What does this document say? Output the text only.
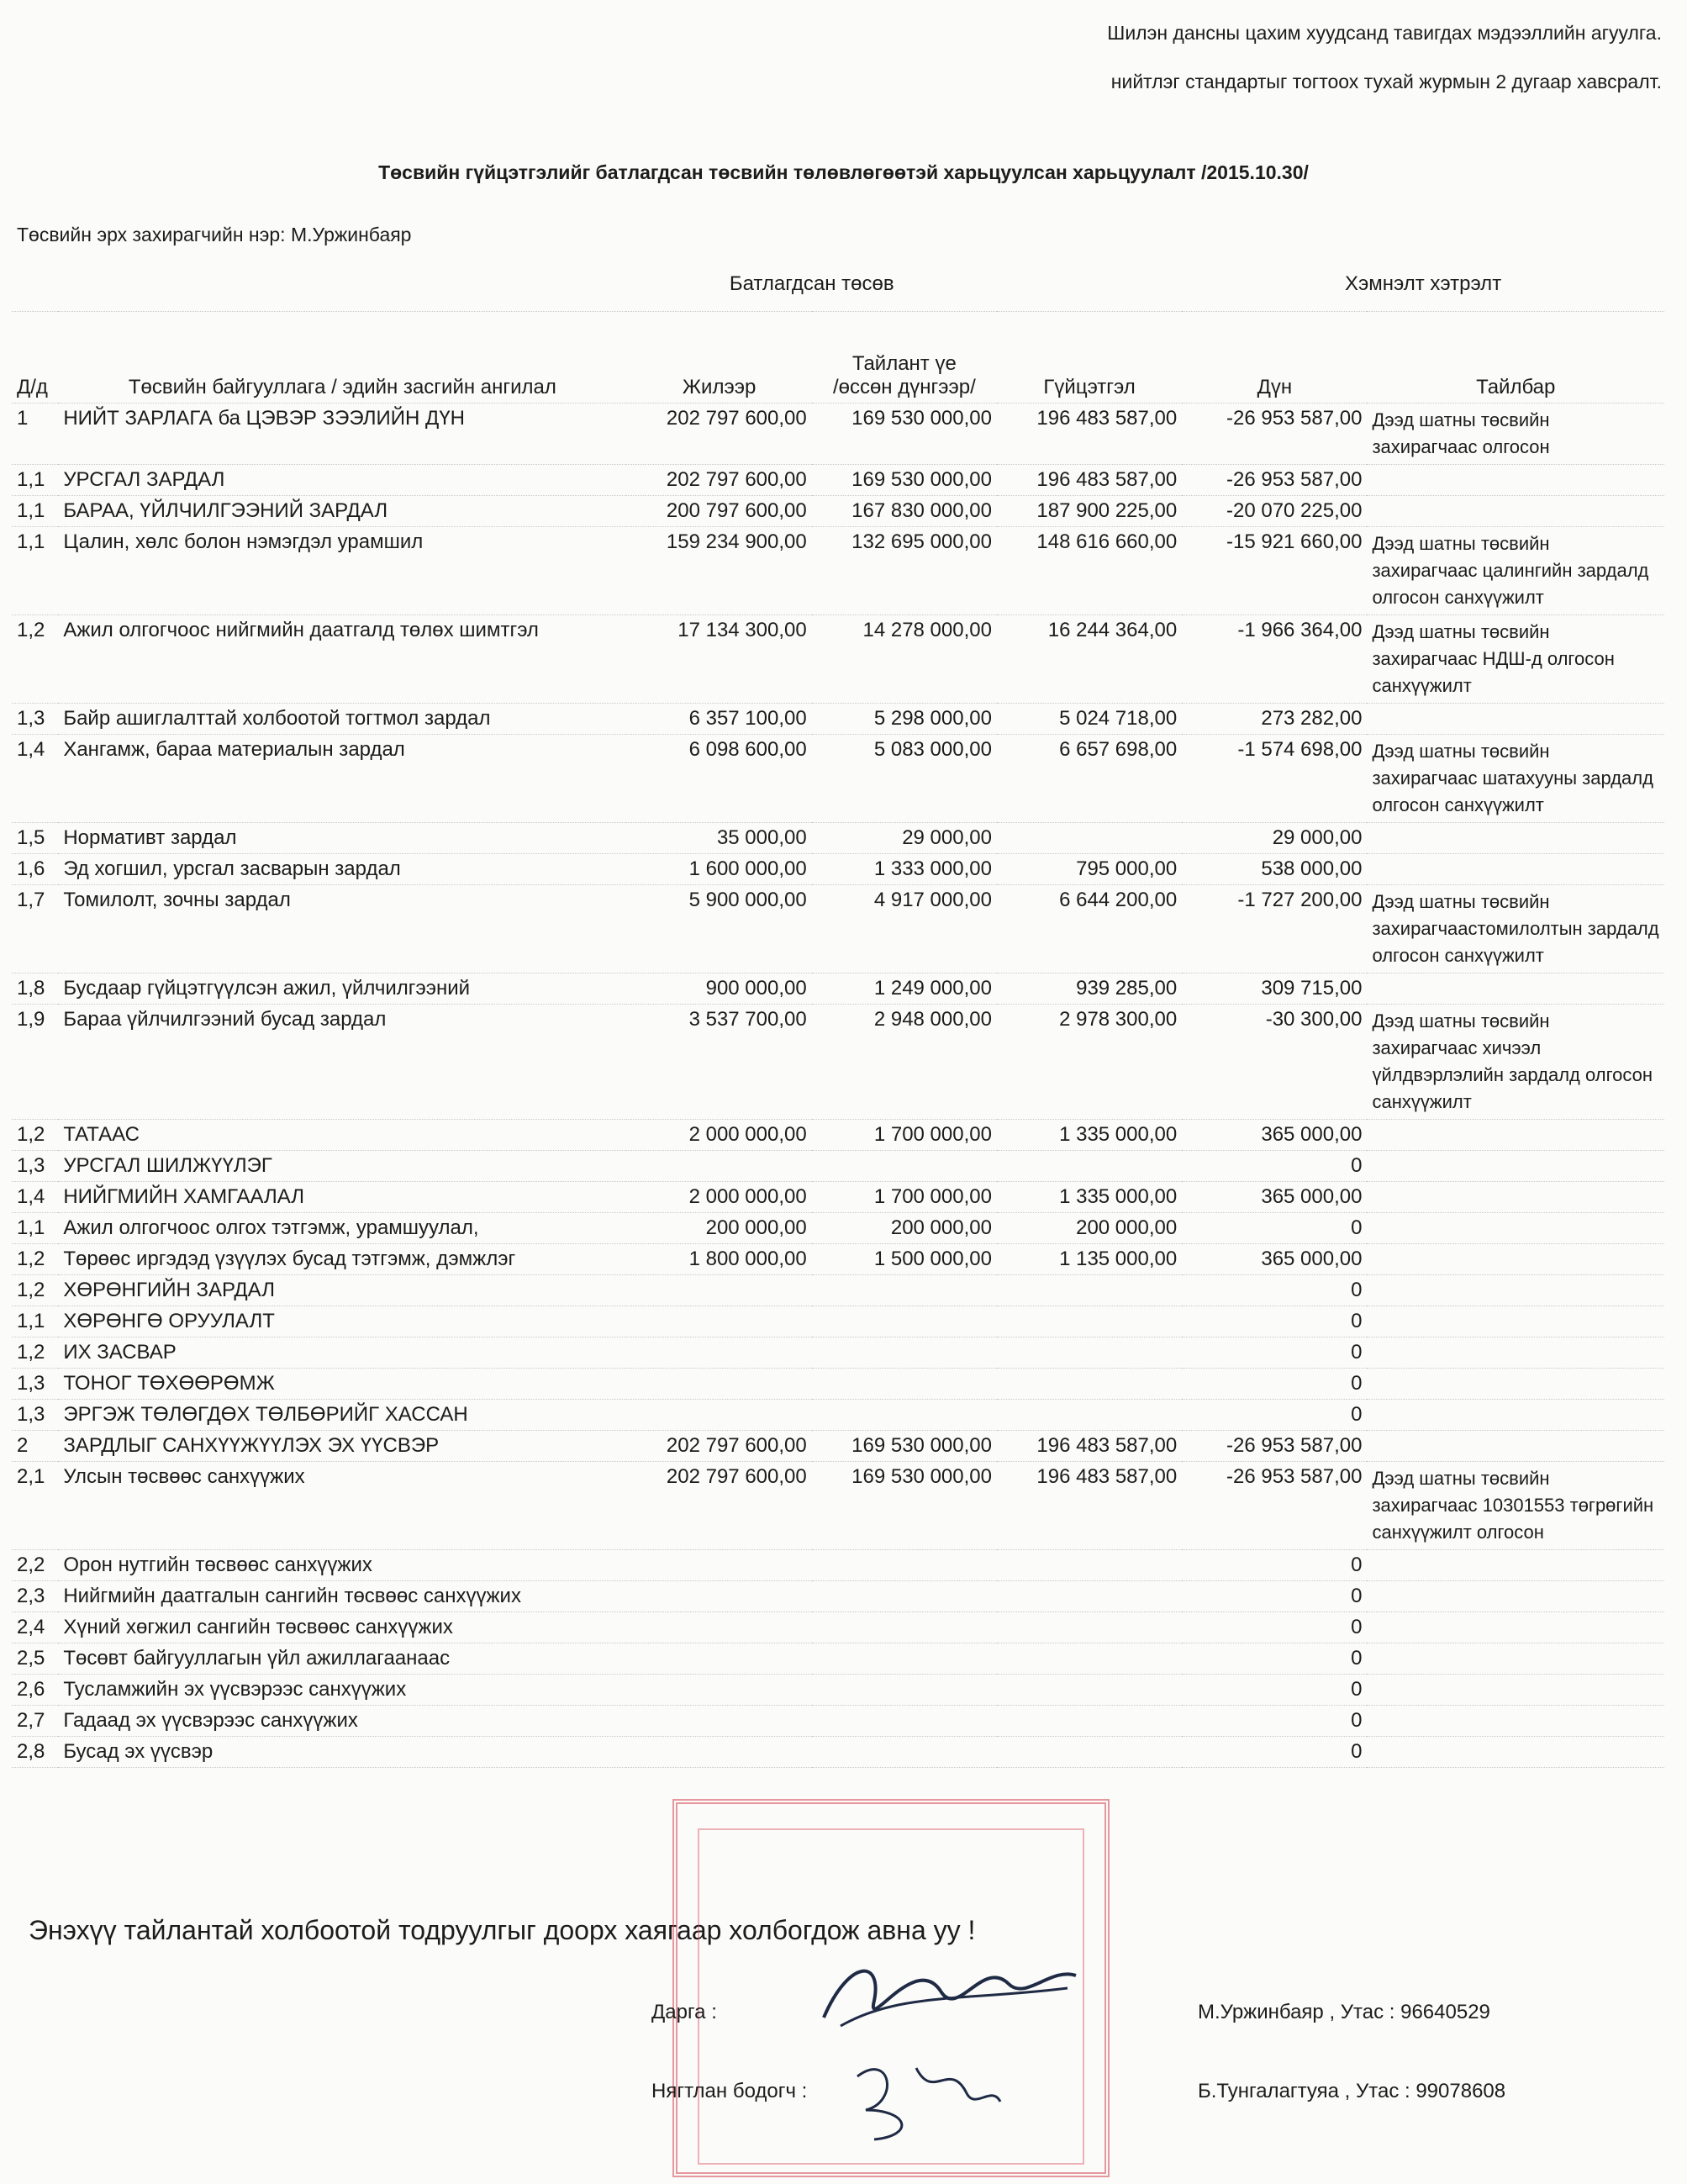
Шилэн дансны цахим хуудсанд тавигдах мэдээллийн агуулга.
нийтлэг стандартыг тогтоох тухай журмын 2 дугаар хавсралт.
Төсвийн гүйцэтгэлийг батлагдсан төсвийн төлөвлөгөөтэй харьцуулсан харьцуулалт /2015.10.30/
Төсвийн эрх захирагчийн нэр: М.Уржинбаяр
		Батлагдсан төсөв			Хэмнэлт хэтрэлт	
Д/д	Төсвийн байгууллага / эдийн засгийн ангилал	Жилээр	Тайлант үе
/өссөн дүнгээр/	Гүйцэтгэл	Дүн	Тайлбар
1	НИЙТ ЗАРЛАГА ба ЦЭВЭР ЗЭЭЛИЙН ДҮН	202 797 600,00	169 530 000,00	196 483 587,00	-26 953 587,00	Дээд шатны төсвийн захирагчаас олгосон
1,1	УРСГАЛ ЗАРДАЛ	202 797 600,00	169 530 000,00	196 483 587,00	-26 953 587,00	
1,1	БАРАА, ҮЙЛЧИЛГЭЭНИЙ ЗАРДАЛ	200 797 600,00	167 830 000,00	187 900 225,00	-20 070 225,00	
1,1	Цалин, хөлс болон нэмэгдэл урамшил	159 234 900,00	132 695 000,00	148 616 660,00	-15 921 660,00	Дээд шатны төсвийн захирагчаас цалингийн зардалд олгосон санхүүжилт
1,2	Ажил олгогчоос нийгмийн даатгалд төлөх шимтгэл	17 134 300,00	14 278 000,00	16 244 364,00	-1 966 364,00	Дээд шатны төсвийн захирагчаас НДШ-д олгосон санхүүжилт
1,3	Байр ашиглалттай холбоотой тогтмол зардал	6 357 100,00	5 298 000,00	5 024 718,00	273 282,00	
1,4	Хангамж, бараа материалын зардал	6 098 600,00	5 083 000,00	6 657 698,00	-1 574 698,00	Дээд шатны төсвийн захирагчаас шатахууны зардалд олгосон санхүүжилт
1,5	Нормативт зардал	35 000,00	29 000,00		29 000,00	
1,6	Эд хогшил, урсгал засварын зардал	1 600 000,00	1 333 000,00	795 000,00	538 000,00	
1,7	Томилолт, зочны зардал	5 900 000,00	4 917 000,00	6 644 200,00	-1 727 200,00	Дээд шатны төсвийн захирагчаастомилолтын зардалд олгосон санхүүжилт
1,8	Бусдаар гүйцэтгүүлсэн ажил, үйлчилгээний	900 000,00	1 249 000,00	939 285,00	309 715,00	
1,9	Бараа үйлчилгээний бусад зардал	3 537 700,00	2 948 000,00	2 978 300,00	-30 300,00	Дээд шатны төсвийн захирагчаас хичээл үйлдвэрлэлийн зардалд олгосон санхүүжилт
1,2	ТАТААС	2 000 000,00	1 700 000,00	1 335 000,00	365 000,00	
1,3	УРСГАЛ ШИЛЖҮҮЛЭГ				0	
1,4	НИЙГМИЙН ХАМГААЛАЛ	2 000 000,00	1 700 000,00	1 335 000,00	365 000,00	
1,1	Ажил олгогчоос олгох тэтгэмж, урамшуулал,	200 000,00	200 000,00	200 000,00	0	
1,2	Төрөөс иргэдэд үзүүлэх бусад тэтгэмж, дэмжлэг	1 800 000,00	1 500 000,00	1 135 000,00	365 000,00	
1,2	ХӨРӨНГИЙН ЗАРДАЛ				0	
1,1	ХӨРӨНГӨ ОРУУЛАЛТ				0	
1,2	ИХ ЗАСВАР				0	
1,3	ТОНОГ ТӨХӨӨРӨМЖ				0	
1,3	ЭРГЭЖ ТӨЛӨГДӨХ ТӨЛБӨРИЙГ ХАССАН				0	
2	ЗАРДЛЫГ САНХҮҮЖҮҮЛЭХ ЭХ ҮҮСВЭР	202 797 600,00	169 530 000,00	196 483 587,00	-26 953 587,00	
2,1	Улсын төсвөөс санхүүжих	202 797 600,00	169 530 000,00	196 483 587,00	-26 953 587,00	Дээд шатны төсвийн захирагчаас 10301553 төгрөгийн санхүүжилт олгосон
2,2	Орон нутгийн төсвөөс санхүүжих				0	
2,3	Нийгмийн даатгалын сангийн төсвөөс санхүүжих				0	
2,4	Хүний хөгжил сангийн төсвөөс санхүүжих				0	
2,5	Төсөвт байгууллагын үйл ажиллагаанаас				0	
2,6	Тусламжийн эх үүсвэрээс санхүүжих				0	
2,7	Гадаад эх үүсвэрээс санхүүжих				0	
2,8	Бусад эх үүсвэр				0	
Энэхүү тайлантай холбоотой тодруулгыг доорх хаягаар холбогдож авна уу !
Дарга :	М.Уржинбаяр , Утас : 96640529
Нягтлан бодогч :	Б.Тунгалагтуяа , Утас : 99078608
